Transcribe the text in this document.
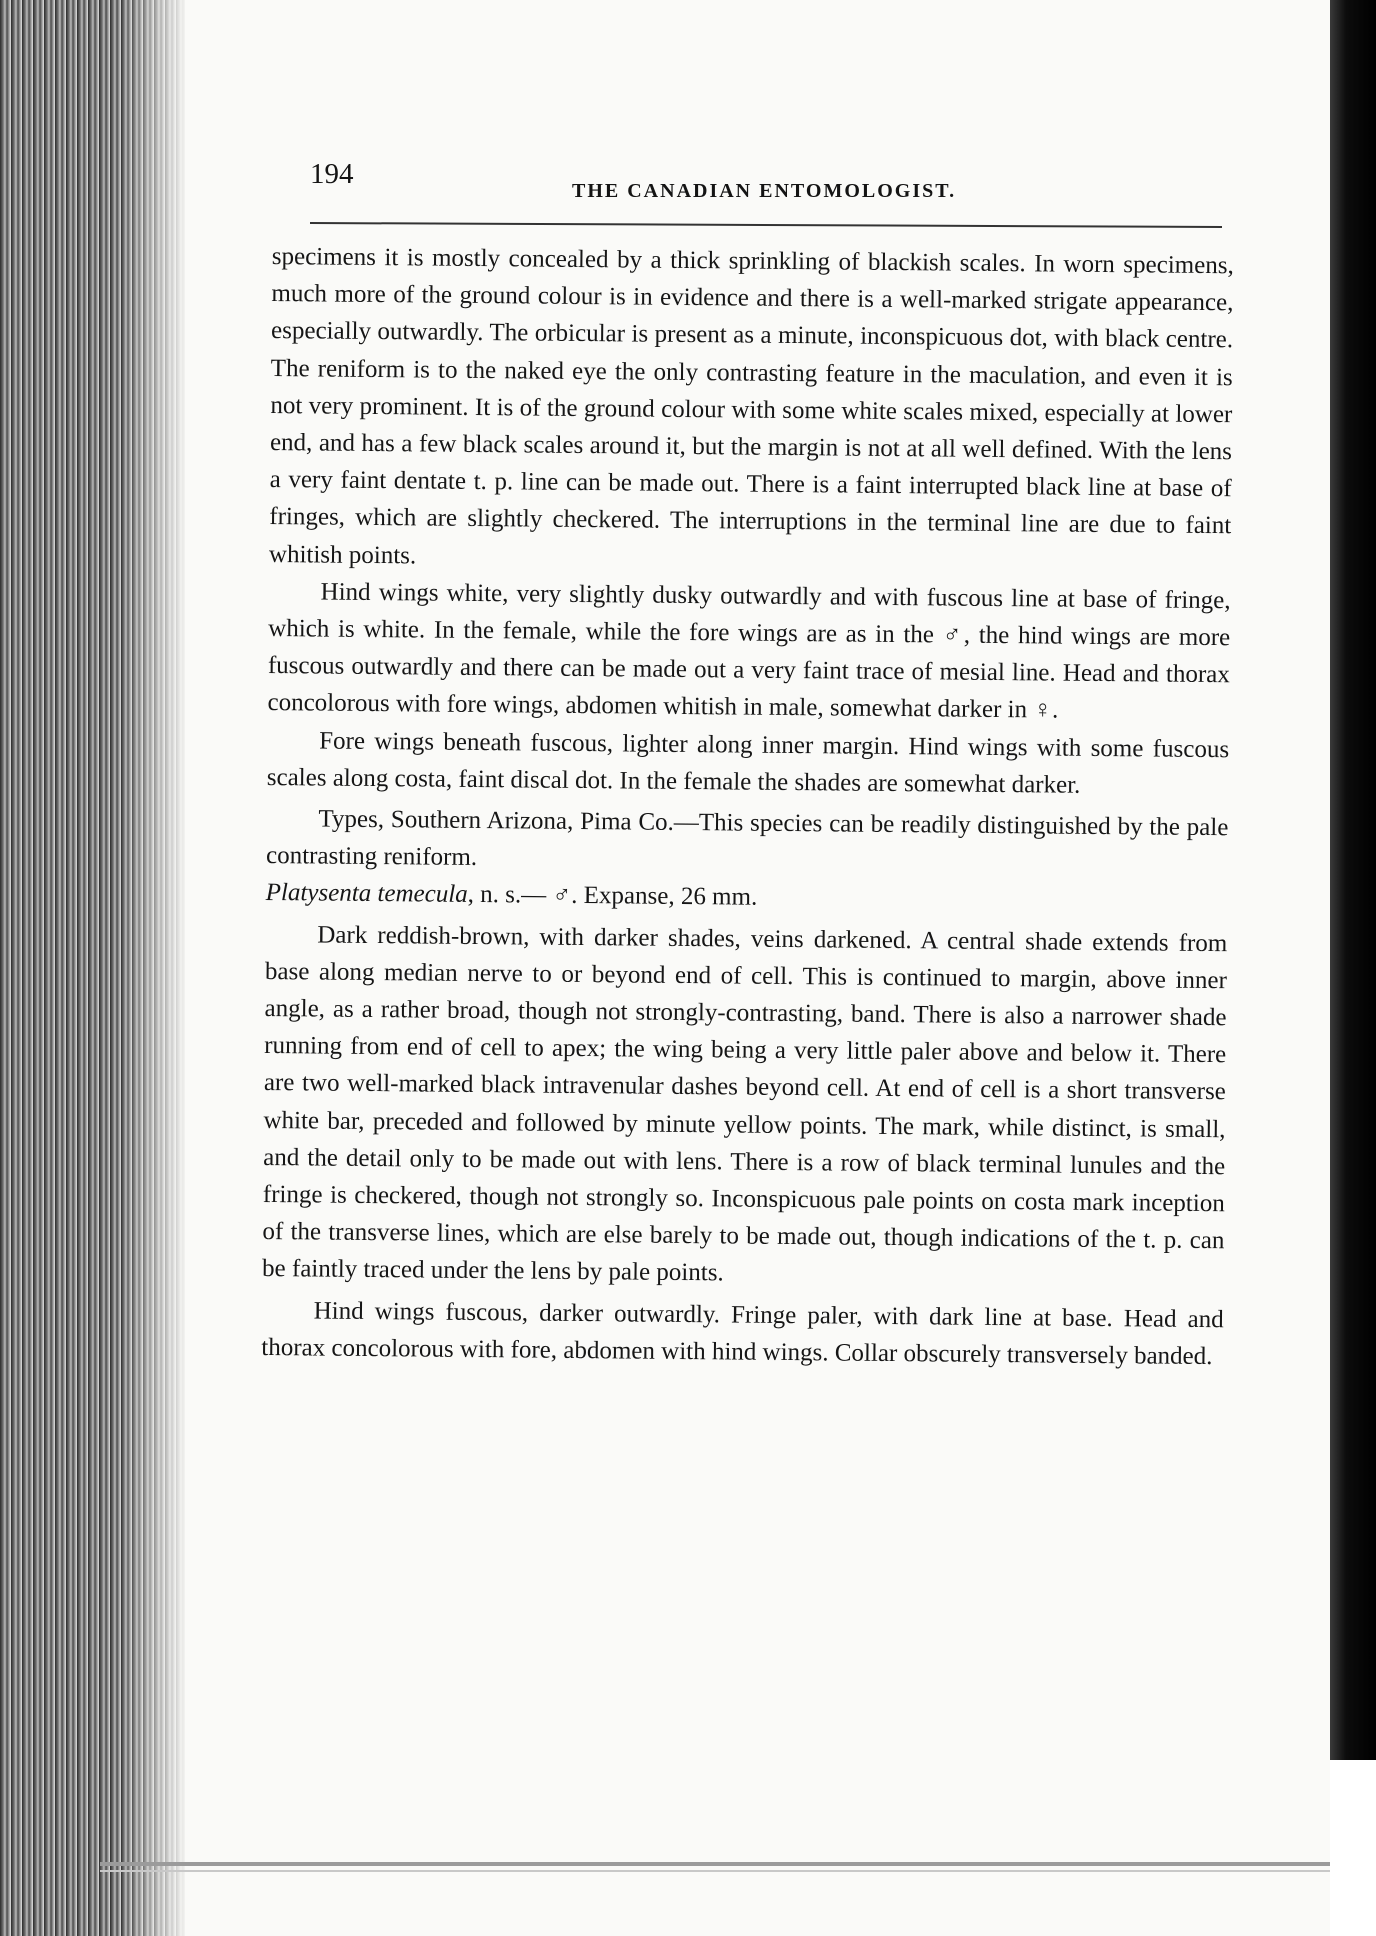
194
THE CANADIAN ENTOMOLOGIST.

specimens it is mostly concealed by a thick sprinkling of blackish scales. In worn specimens, much more of the ground colour is in evidence and there is a well-marked strigate appearance, especially outwardly. The orbicular is present as a minute, inconspicuous dot, with black centre. The reniform is to the naked eye the only contrasting feature in the maculation, and even it is not very prominent. It is of the ground colour with some white scales mixed, especially at lower end, and has a few black scales around it, but the margin is not at all well defined. With the lens a very faint dentate t. p. line can be made out. There is a faint interrupted black line at base of fringes, which are slightly checkered. The interruptions in the terminal line are due to faint whitish points.

Hind wings white, very slightly dusky outwardly and with fuscous line at base of fringe, which is white. In the female, while the fore wings are as in the ♂, the hind wings are more fuscous outwardly and there can be made out a very faint trace of mesial line. Head and thorax concolorous with fore wings, abdomen whitish in male, somewhat darker in ♀.

Fore wings beneath fuscous, lighter along inner margin. Hind wings with some fuscous scales along costa, faint discal dot. In the female the shades are somewhat darker.

Types, Southern Arizona, Pima Co.—This species can be readily distinguished by the pale contrasting reniform.

Platysenta temecula, n. s.— ♂. Expanse, 26 mm.

Dark reddish-brown, with darker shades, veins darkened. A central shade extends from base along median nerve to or beyond end of cell. This is continued to margin, above inner angle, as a rather broad, though not strongly-contrasting, band. There is also a narrower shade running from end of cell to apex; the wing being a very little paler above and below it. There are two well-marked black intravenular dashes beyond cell. At end of cell is a short transverse white bar, preceded and followed by minute yellow points. The mark, while distinct, is small, and the detail only to be made out with lens. There is a row of black terminal lunules and the fringe is checkered, though not strongly so. Inconspicuous pale points on costa mark inception of the transverse lines, which are else barely to be made out, though indications of the t. p. can be faintly traced under the lens by pale points.

Hind wings fuscous, darker outwardly. Fringe paler, with dark line at base. Head and thorax concolorous with fore, abdomen with hind wings. Collar obscurely transversely banded.
